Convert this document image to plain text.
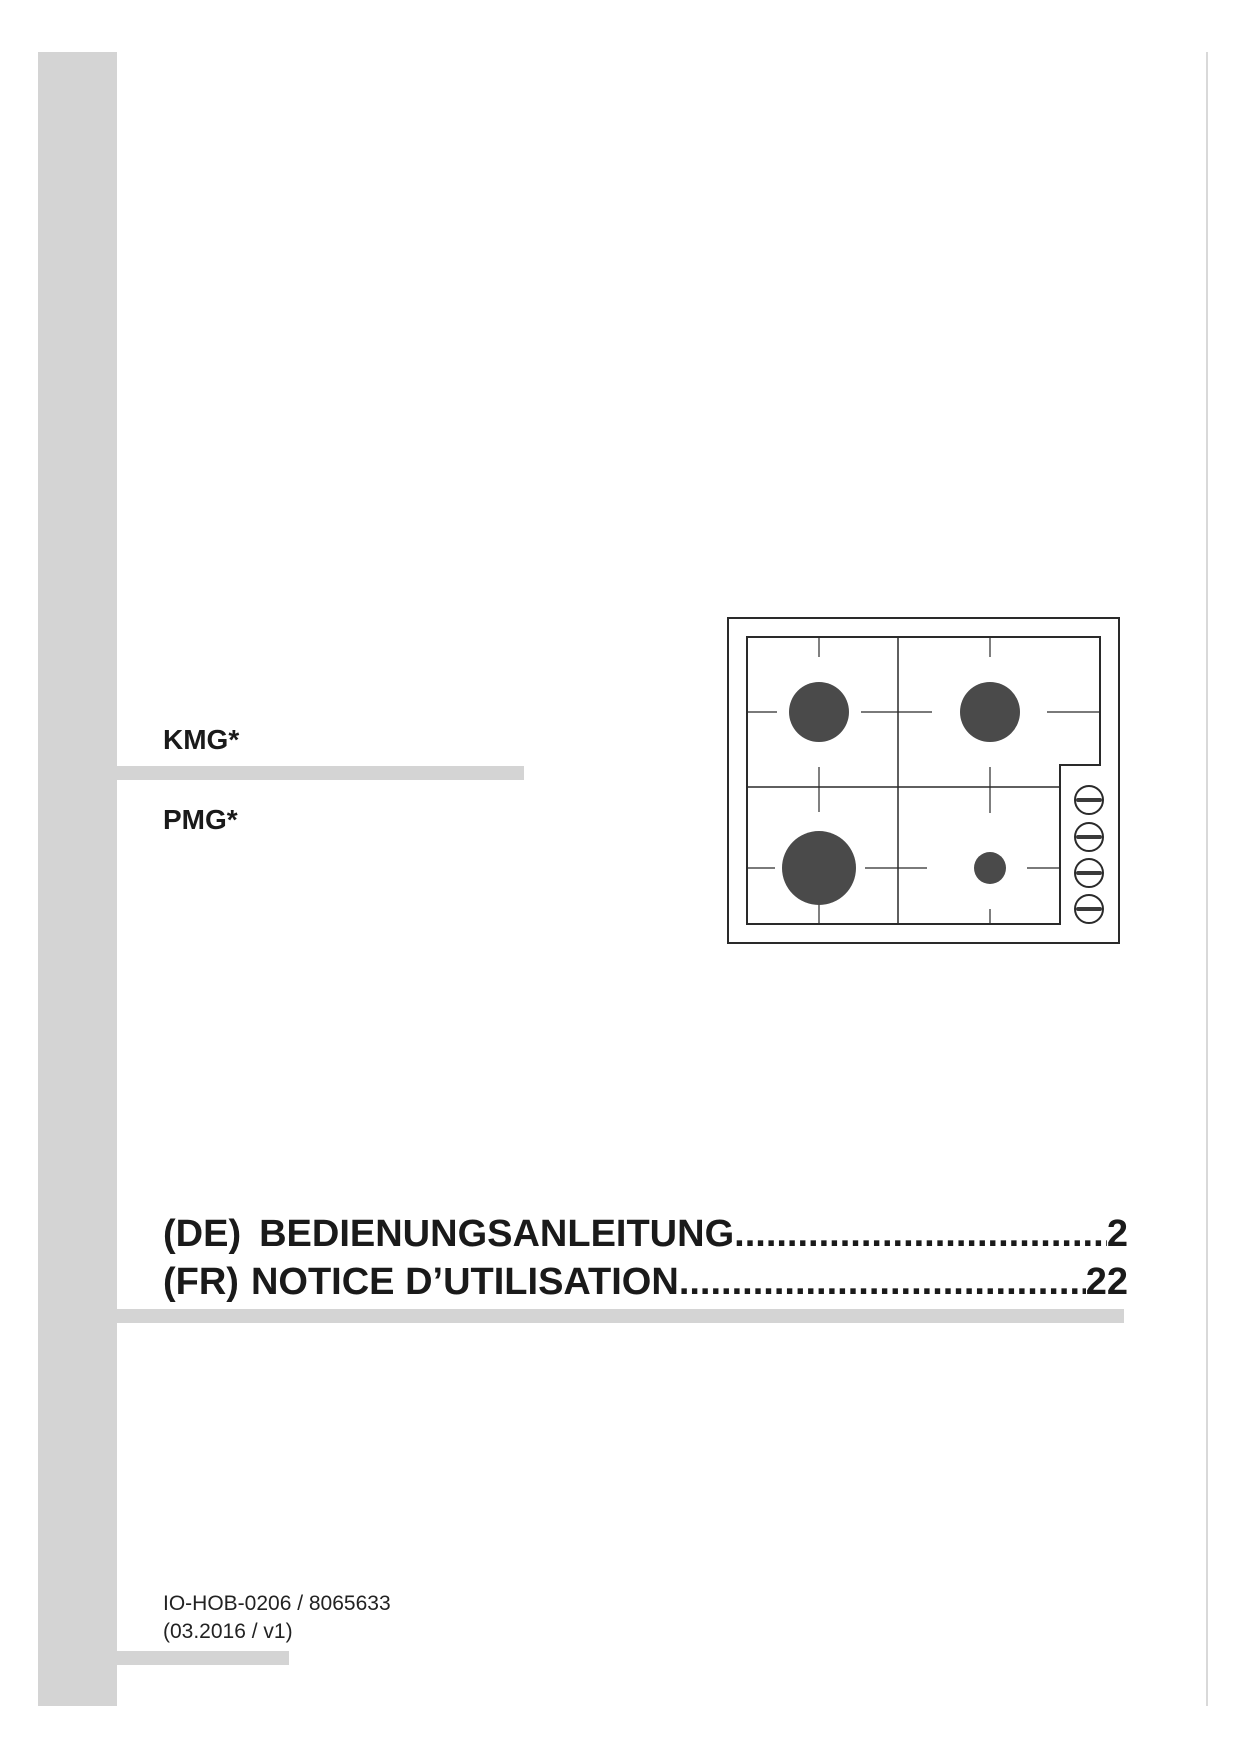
KMG*
PMG*
(DE) BEDIENUNGSANLEITUNG .....	2
(FR) NOTICE D’UTILISATION .....	22
IO-HOB-0206 / 8065633
(03.2016 / v1)
